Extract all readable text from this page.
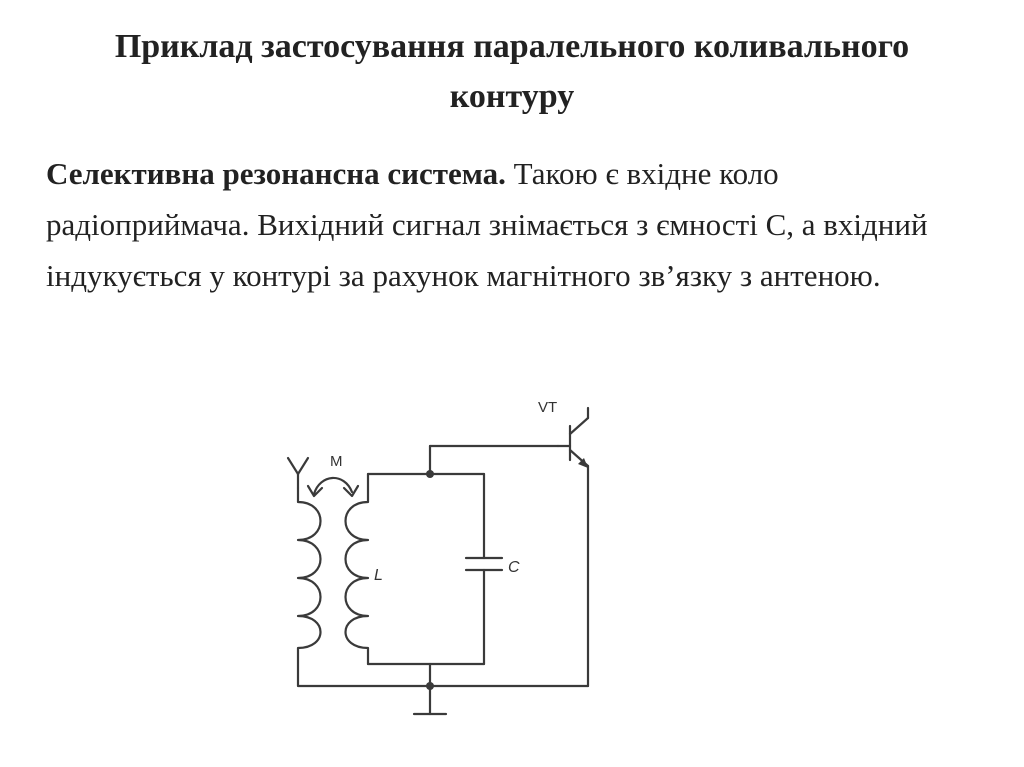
Приклад застосування паралельного коливального
контуру
Селективна резонансна система. Такою є вхідне коло радіоприймача. Вихідний сигнал знімається з ємності С, а вхідний індукується у контурі за рахунок магнітного зв’язку з антеною.
VT
M
L	C
